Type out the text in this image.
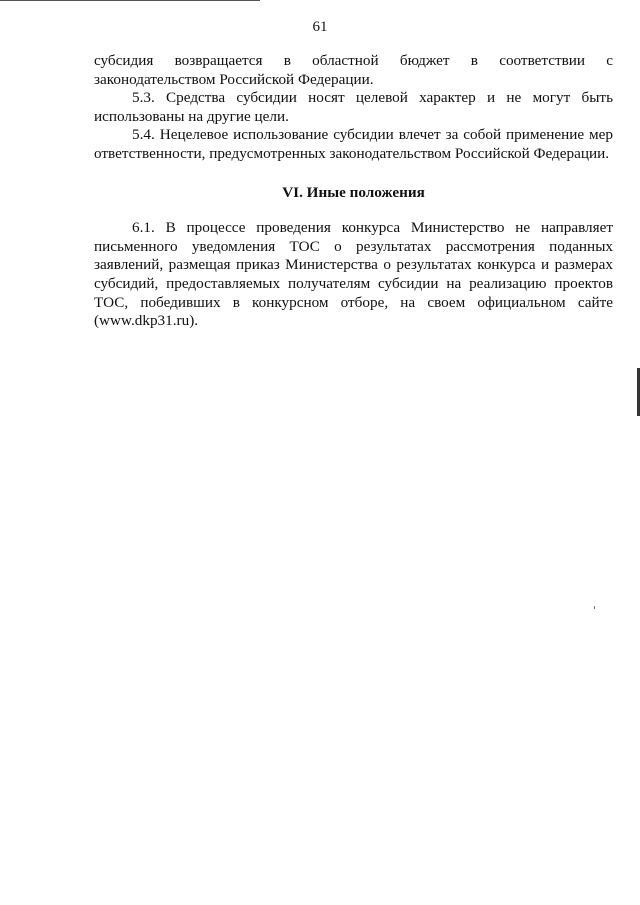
61

субсидия возвращается в областной бюджет в соответствии с законодательством Российской Федерации.

5.3. Средства субсидии носят целевой характер и не могут быть использованы на другие цели.

5.4. Нецелевое использование субсидии влечет за собой применение мер ответственности, предусмотренных законодательством Российской Федерации.

VI. Иные положения

6.1. В процессе проведения конкурса Министерство не направляет письменного уведомления ТОС о результатах рассмотрения поданных заявлений, размещая приказ Министерства о результатах конкурса и размерах субсидий, предоставляемых получателям субсидии на реализацию проектов ТОС, победивших в конкурсном отборе, на своем официальном сайте (www.dkp31.ru).
